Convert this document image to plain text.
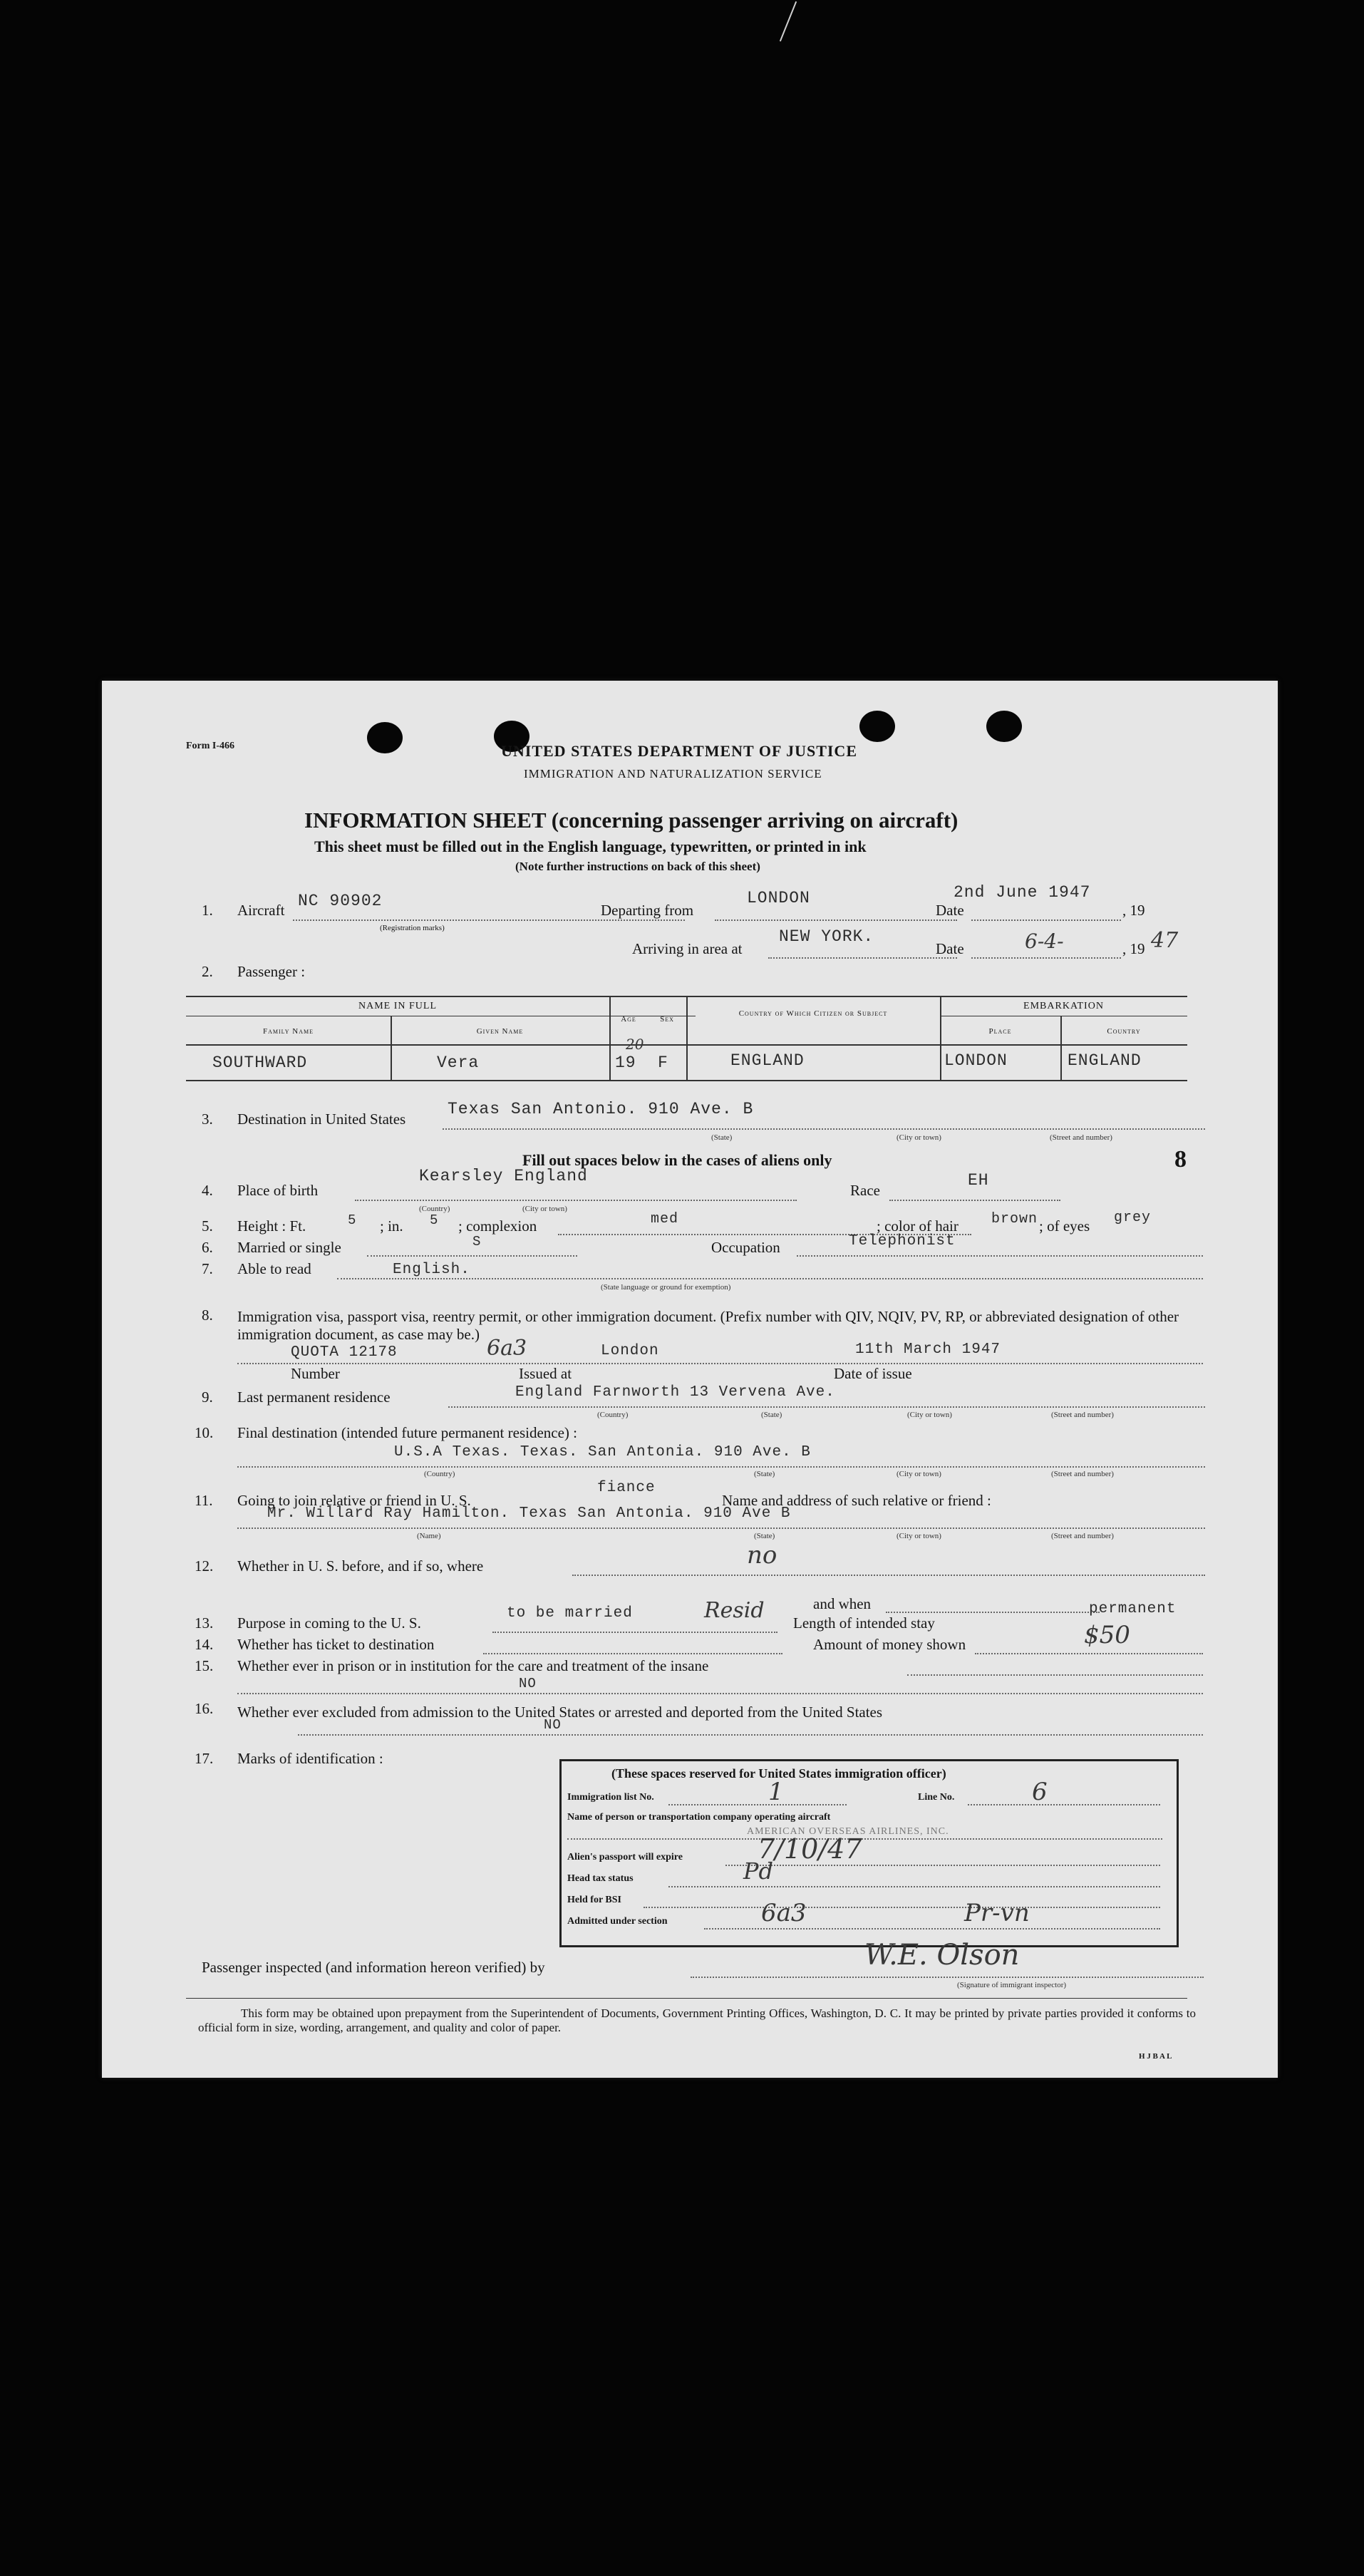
Form I-466	UNITED STATES DEPARTMENT OF JUSTICE
IMMIGRATION AND NATURALIZATION SERVICE
INFORMATION SHEET (concerning passenger arriving on aircraft)
This sheet must be filled out in the English language, typewritten, or printed in ink
(Note further instructions on back of this sheet)
1. Aircraft NC 90902
(Registration marks)
Departing from
LONDON
Date
2nd June 1947
, 19
Arriving in area at
NEW YORK.
Date	6-4-	, 19 47
2. Passenger :
NAME IN FULL
Family Name	Given Name
Age	Sex
Country of Which Citizen or Subject
EMBARKATION
Place	Country
SOUTHWARD	Vera
20
19 F	ENGLAND	LONDON	ENGLAND
3. Destination in United States
Texas San Antonio. 910 Ave. B
(State)	(City or town)	(Street and number)
Fill out spaces below in the cases of aliens only	8
4. Place of birth
Kearsley England
(Country)	(City or town)
Race
EH
5. Height : Ft.	5 ; in. 5 ; complexion	med	; color of hair brown ; of eyes grey
6. Married or single	S	Occupation	Telephonist
7. Able to read	English.
(State language or ground for exemption)
8. Immigration visa, passport visa, reentry permit, or other immigration document. (Prefix number with QIV, NQIV, PV, RP, or abbreviated designation of other immigration document, as case may be.)
QUOTA 12178	6a3	London	11th March 1947
Number	Issued at	Date of issue
9. Last permanent residence	England Farnworth 13 Vervena Ave.
(Country)	(State)	(City or town)	(Street and number)
10. Final destination (intended future permanent residence) :
U.S.A Texas. Texas. San Antonia. 910 Ave. B
(Country)	(State)	(City or town)	(Street and number)
11. Going to join relative or friend in U. S.
fiance
Name and address of such relative or friend :
Mr. Willard Ray Hamilton. Texas San Antonia. 910 Ave B
(Name)	(State)	(City or town)	(Street and number)
12. Whether in U. S. before, and if so, where	no
and when
13. Purpose in coming to the U. S.
to be married	Resid Length of intended stay
permanent
14. Whether has ticket to destination	Amount of money shown	$50
15. Whether ever in prison or in institution for the care and treatment of the insane
NO
16. Whether ever excluded from admission to the United States or arrested and deported from the United States
NO
17. Marks of identification :
(These spaces reserved for United States immigration officer)
Immigration list No.	1	Line No.	6
Name of person or transportation company operating aircraft
AMERICAN OVERSEAS AIRLINES, INC.
Alien's passport will expire	7/10/47
Head tax status	Pd
Held for BSI
Admitted under section	6a3	Pr-vn
Passenger inspected (and information hereon verified) by	W.E. Olson
(Signature of immigrant inspector)
This form may be obtained upon prepayment from the Superintendent of Documents, Government Printing Offices, Washington, D. C. It may be printed by private parties provided it conforms to official form in size, wording, arrangement, and quality and color of paper.
H J B A L
